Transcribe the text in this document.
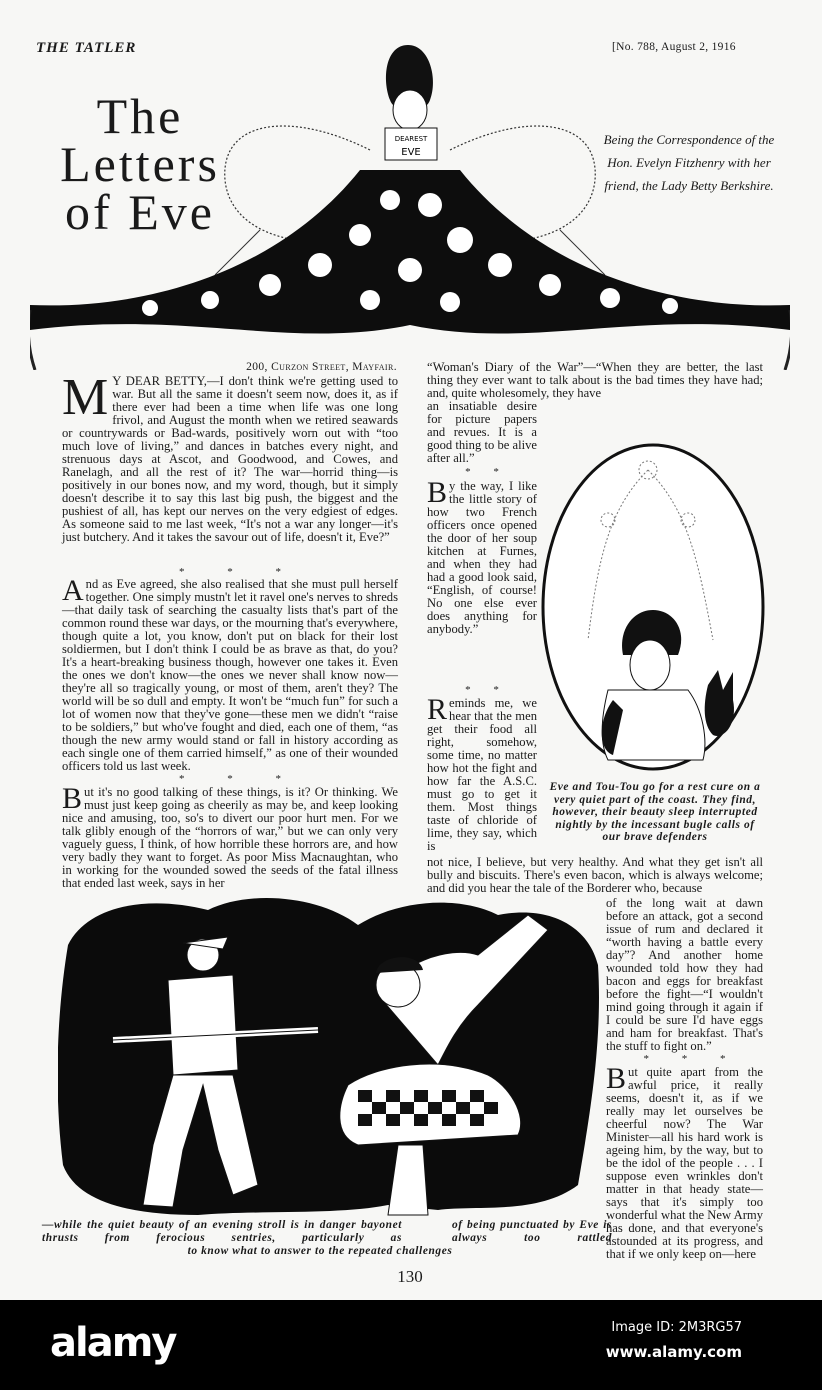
THE TATLER	[No. 788, August 2, 1916
The
Letters
of Eve
Being the Correspondence of the Hon. Evelyn Fitzhenry with her friend, the Lady Betty Berkshire.
DEAREST
EVE
200, Curzon Street, Mayfair.
M Y DEAR BETTY,—I don't think we're getting used to war. But all the same it doesn't seem now, does it, as if there ever had been a time when life was one long frivol, and August the month when we retired seawards or countrywards or Bad-wards, positively worn out with “too much love of living,” and dances in batches every night, and strenuous days at Ascot, and Goodwood, and Cowes, and Ranelagh, and all the rest of it? The war—horrid thing—is positively in our bones now, and my word, though, but it simply doesn't describe it to say this last big push, the biggest and the pushiest of all, has kept our nerves on the very edgiest of edges. As someone said to me last week, “It's not a war any longer—it's just butchery. And it takes the savour out of life, doesn't it, Eve?”
* * *
And as Eve agreed, she also realised that she must pull herself together. One simply mustn't let it ravel one's nerves to shreds—that daily task of searching the casualty lists that's part of the common round these war days, or the mourning that's everywhere, though quite a lot, you know, don't put on black for their lost soldiermen, but I don't think I could be as brave as that, do you? It's a heart-breaking business though, however one takes it. Even the ones we don't know—the ones we never shall know now—they're all so tragically young, or most of them, aren't they? The world will be so dull and empty. It won't be “much fun” for such a lot of women now that they've gone—these men we didn't “raise to be soldiers,” but who've fought and died, each one of them, “as though the new army would stand or fall in history according as each single one of them carried himself,” as one of their wounded officers told us last week.
* * *
But it's no good talking of these things, is it? Or thinking. We must just keep going as cheerily as may be, and keep looking nice and amusing, too, so's to divert our poor hurt men. For we talk glibly enough of the “horrors of war,” but we can only very vaguely guess, I think, of how horrible these horrors are, and how very badly they want to forget. As poor Miss Macnaughtan, who in working for the wounded sowed the seeds of the fatal illness that ended last week, says in her
“Woman's Diary of the War”—“When they are better, the last thing they ever want to talk about is the bad times they have had; and, quite wholesomely, they have
an insatiable desire for picture papers and revues. It is a good thing to be alive after all.”
* *
By the way, I like the little story of how two French officers once opened the door of her soup kitchen at Furnes, and when they had had a good look said, “English, of course! No one else ever does anything for anybody.”
* *
Reminds me, we hear that the men get their food all right, somehow, some time, no matter how hot the fight and how far the A.S.C. must go to get it them. Most things taste of chloride of lime, they say, which is
not nice, I believe, but very healthy. And what they get isn't all bully and biscuits. There's even bacon, which is always welcome; and did you hear the tale of the Borderer who, because
of the long wait at dawn before an attack, got a second issue of rum and declared it “worth having a battle every day”? And another home wounded told how they had bacon and eggs for breakfast before the fight—“I wouldn't mind going through it again if I could be sure I'd have eggs and ham for breakfast. That's the stuff to fight on.”
* * *
But quite apart from the awful price, it really seems, doesn't it, as if we really may let ourselves be cheerful now? The War Minister—all his hard work is ageing him, by the way, but to be the idol of the people . . . I suppose even wrinkles don't matter in that heady state—says that it's simply too wonderful what the New Army has done, and that everyone's astounded at its progress, and that if we only keep on—here
Eve and Tou-Tou go for a rest cure on a very quiet part of the coast. They find, however, their beauty sleep interrupted nightly by the incessant bugle calls of our brave defenders
—while the quiet beauty of an evening stroll is in danger bayonet thrusts from ferocious sentries, particularly as
of being punctuated by Eve is always too rattled
to know what to answer to the repeated challenges
130
alamy	Image ID: 2M3RG57
www.alamy.com
